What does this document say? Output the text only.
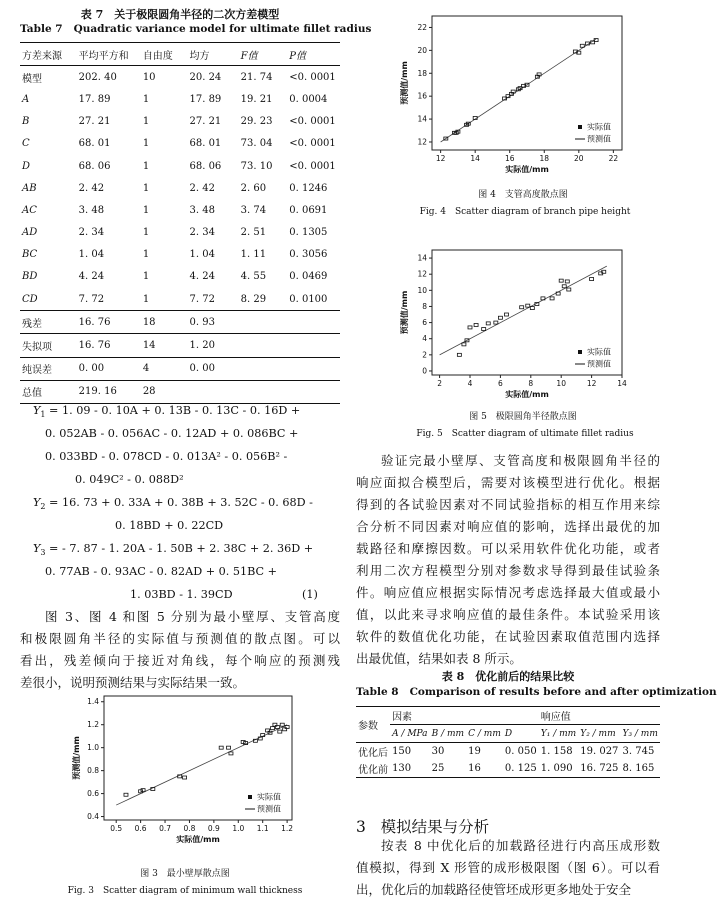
表 7　关于极限圆角半径的二次方差模型
Table 7 Quadratic variance model for ultimate fillet radius
方差来源	平均平方和	自由度	均方	F值	P值
模型	202. 40	10	20. 24	21. 74	<0. 0001
A	17. 89	1	17. 89	19. 21	0. 0004
B	27. 21	1	27. 21	29. 23	<0. 0001
C	68. 01	1	68. 01	73. 04	<0. 0001
D	68. 06	1	68. 06	73. 10	<0. 0001
AB	2. 42	1	2. 42	2. 60	0. 1246
AC	3. 48	1	3. 48	3. 74	0. 0691
AD	2. 34	1	2. 34	2. 51	0. 1305
BC	1. 04	1	1. 04	1. 11	0. 3056
BD	4. 24	1	4. 24	4. 55	0. 0469
CD	7. 72	1	7. 72	8. 29	0. 0100
残差	16. 76	18	0. 93		
失拟项	16. 76	14	1. 20		
纯误差	0. 00	4	0. 00		
总值	219. 16	28			
$Y_1 = 1$. 09 - 0. 10A + 0. 13B - 0. 13C - 0. 16D +
0. 052AB - 0. 056AC - 0. 12AD + 0. 086BC +
0. 033BD - 0. 078CD - 0. 013A² - 0. 056B² -
0. 049C² - 0. 088D²
$Y_2 = 16$. 73 + 0. 33A + 0. 38B + 3. 52C - 0. 68D -
0. 18BD + 0. 22CD
$Y_3$ = - 7. 87 - 1. 20A - 1. 50B + 2. 38C + 2. 36D +
0. 77AB - 0. 93AC - 0. 82AD + 0. 51BC +
1. 03BD - 1. 39CD	(1)

图 3、图 4 和图 5 分别为最小壁厚、支管高度

和极限圆角半径的实际值与预测值的散点图。可以

看出，残差倾向于接近对角线，每个响应的预测残

差很小，说明预测结果与实际结果一致。

0.5 0.6 0.7 0.8 0.9 1.0 1.1 1.2
0.4
0.6
0.8
1.0
1.2
1.4
实际值/mm
预测值/mm
实际值
预测值
图 3　最小壁厚散点图
Fig. 3　Scatter diagram of minimum wall thickness
12	14	16	18	20	22
12
14
16
18
20
22
实际值/mm
预测值/mm
实际值
预测值
图 4　支管高度散点图
Fig. 4　Scatter diagram of branch pipe height
2	4	6	8	10	12	14
0
2
4
6
8
10
12
14
实际值/mm
预测值/mm
实际值
预测值
图 5　极限圆角半径散点图
Fig. 5　Scatter diagram of ultimate fillet radius

验证完最小壁厚、支管高度和极限圆角半径的

响应面拟合模型后，需要对该模型进行优化。根据

得到的各试验因素对不同试验指标的相互作用来综

合分析不同因素对响应值的影响，选择出最优的加

载路径和摩擦因数。可以采用软件优化功能，或者

利用二次方程模型分别对参数求导得到最佳试验条

件。响应值应根据实际情况考虑选择最大值或最小

值，以此来寻求响应值的最佳条件。本试验采用该

软件的数值优化功能，在试验因素取值范围内选择

出最优值，结果如表 8 所示。

表 8　优化前后的结果比较
Table 8 Comparison of results before and after optimization
参数	因素				响应值		
	A / MPa	B / mm	C / mm	D	Y₁ / mm	Y₂ / mm	Y₃ / mm
优化后	150	30	19	0. 050	1. 158	19. 027	3. 745
优化前	130	25	16	0. 125	1. 090	16. 725	8. 165
3 模拟结果与分析

按表 8 中优化后的加载路径进行内高压成形数

值模拟，得到 X 形管的成形极限图（图 6）。可以看

出，优化后的加载路径使管坯成形更多地处于安全
